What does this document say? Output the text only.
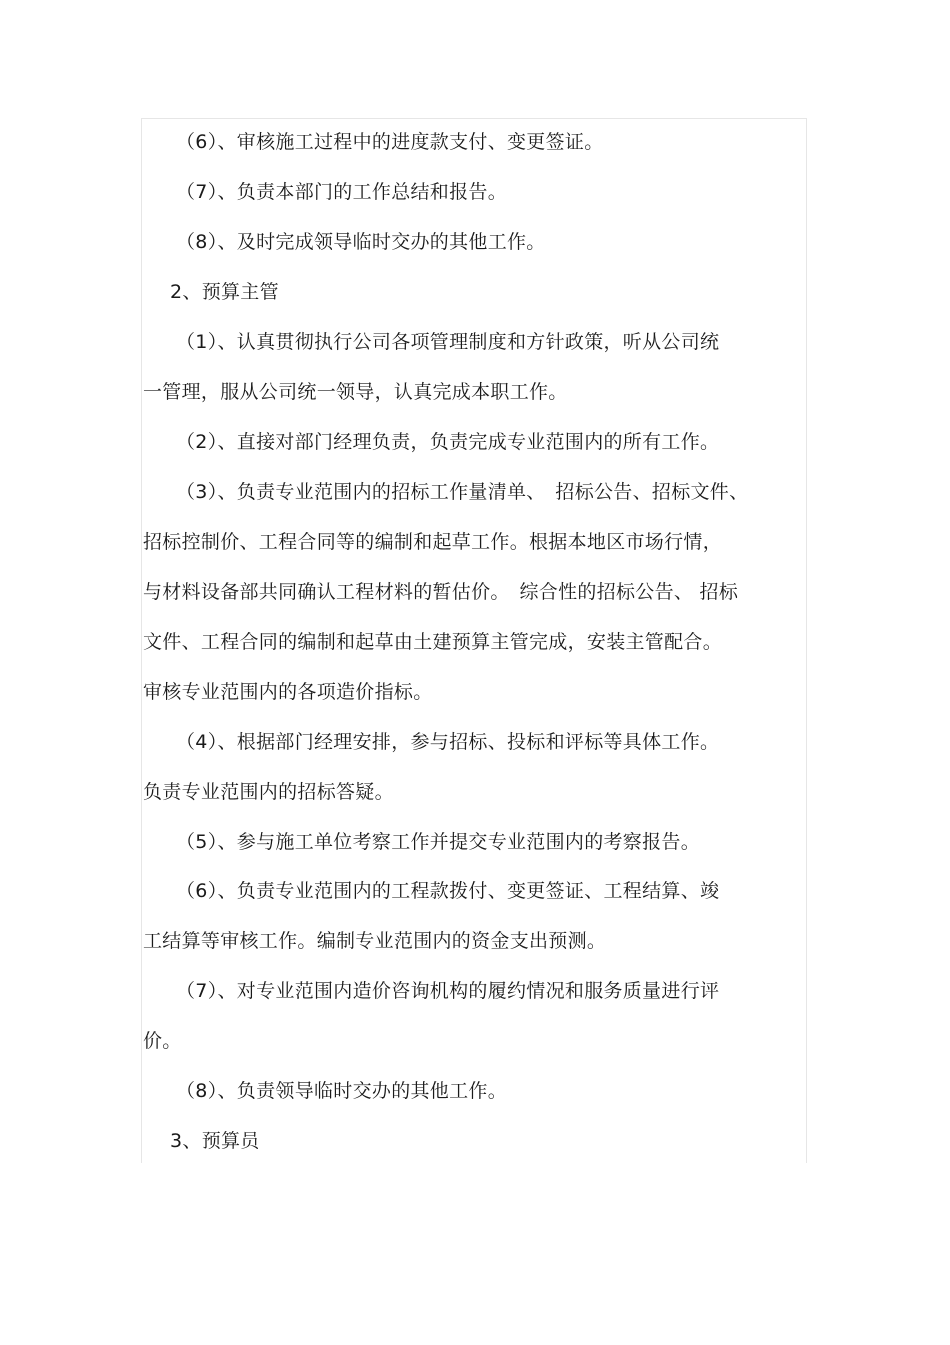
（6）、审核施工过程中的进度款支付、变更签证。
（7）、负责本部门的工作总结和报告。
（8）、及时完成领导临时交办的其他工作。
2、预算主管
（1）、认真贯彻执行公司各项管理制度和方针政策，听从公司统
一管理，服从公司统一领导，认真完成本职工作。
（2）、直接对部门经理负责，负责完成专业范围内的所有工作。
（3）、负责专业范围内的招标工作量清单、　招标公告、招标文件、
招标控制价、工程合同等的编制和起草工作。根据本地区市场行情，
与材料设备部共同确认工程材料的暂估价。　综合性的招标公告、 招标
文件、工程合同的编制和起草由土建预算主管完成，安装主管配合。
审核专业范围内的各项造价指标。
（4）、根据部门经理安排，参与招标、投标和评标等具体工作。
负责专业范围内的招标答疑。
（5）、参与施工单位考察工作并提交专业范围内的考察报告。
（6）、负责专业范围内的工程款拨付、变更签证、工程结算、竣
工结算等审核工作。编制专业范围内的资金支出预测。
（7）、对专业范围内造价咨询机构的履约情况和服务质量进行评
价。
（8）、负责领导临时交办的其他工作。
3、预算员
